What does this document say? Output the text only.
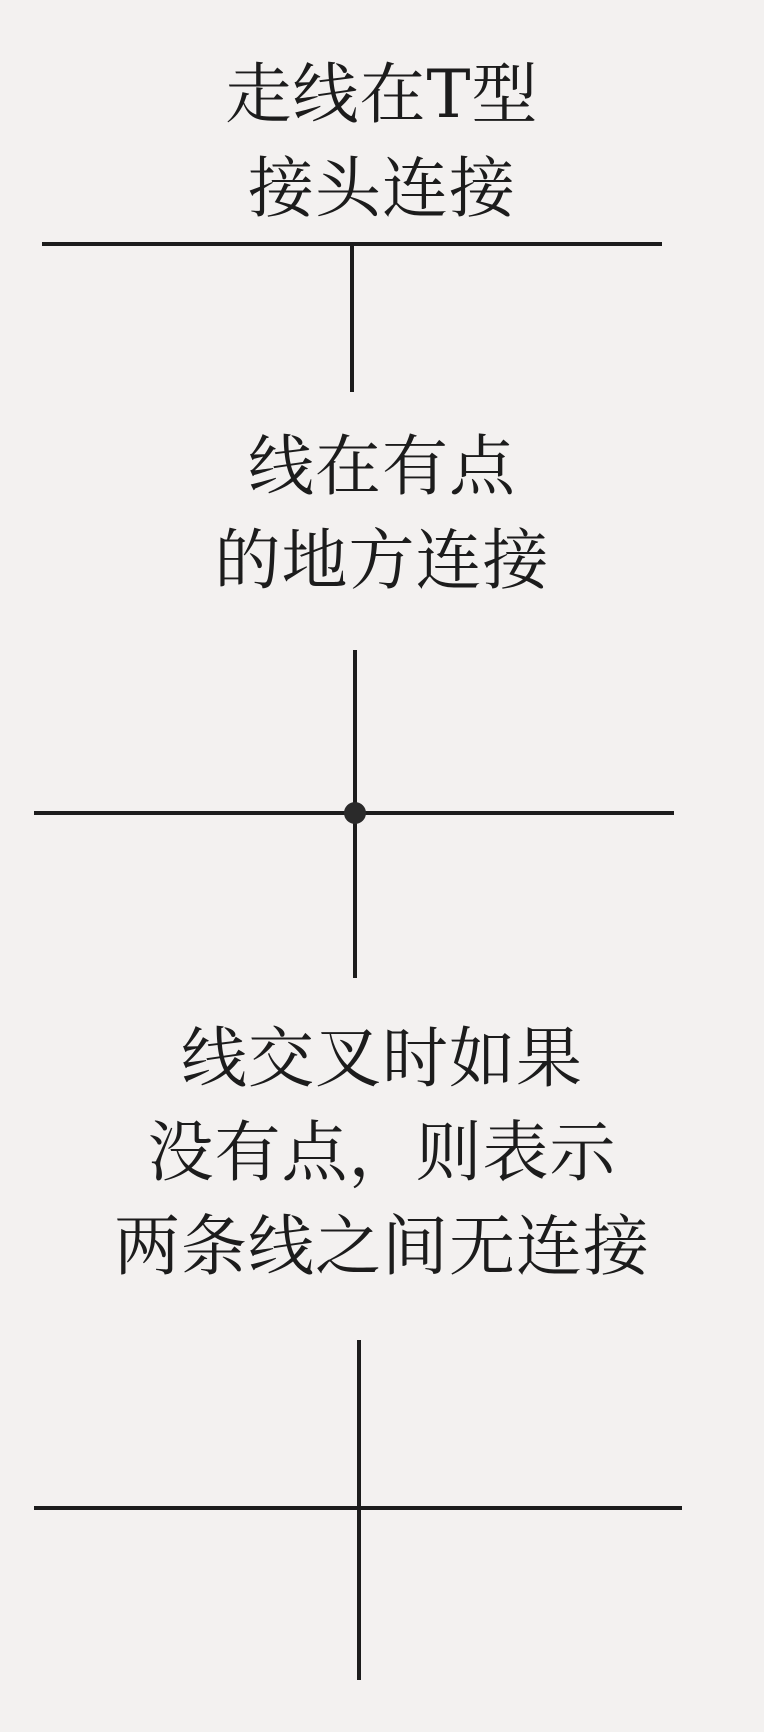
走线在T型
接头连接
线在有点
的地方连接
线交叉时如果
没有点，则表示
两条线之间无连接
